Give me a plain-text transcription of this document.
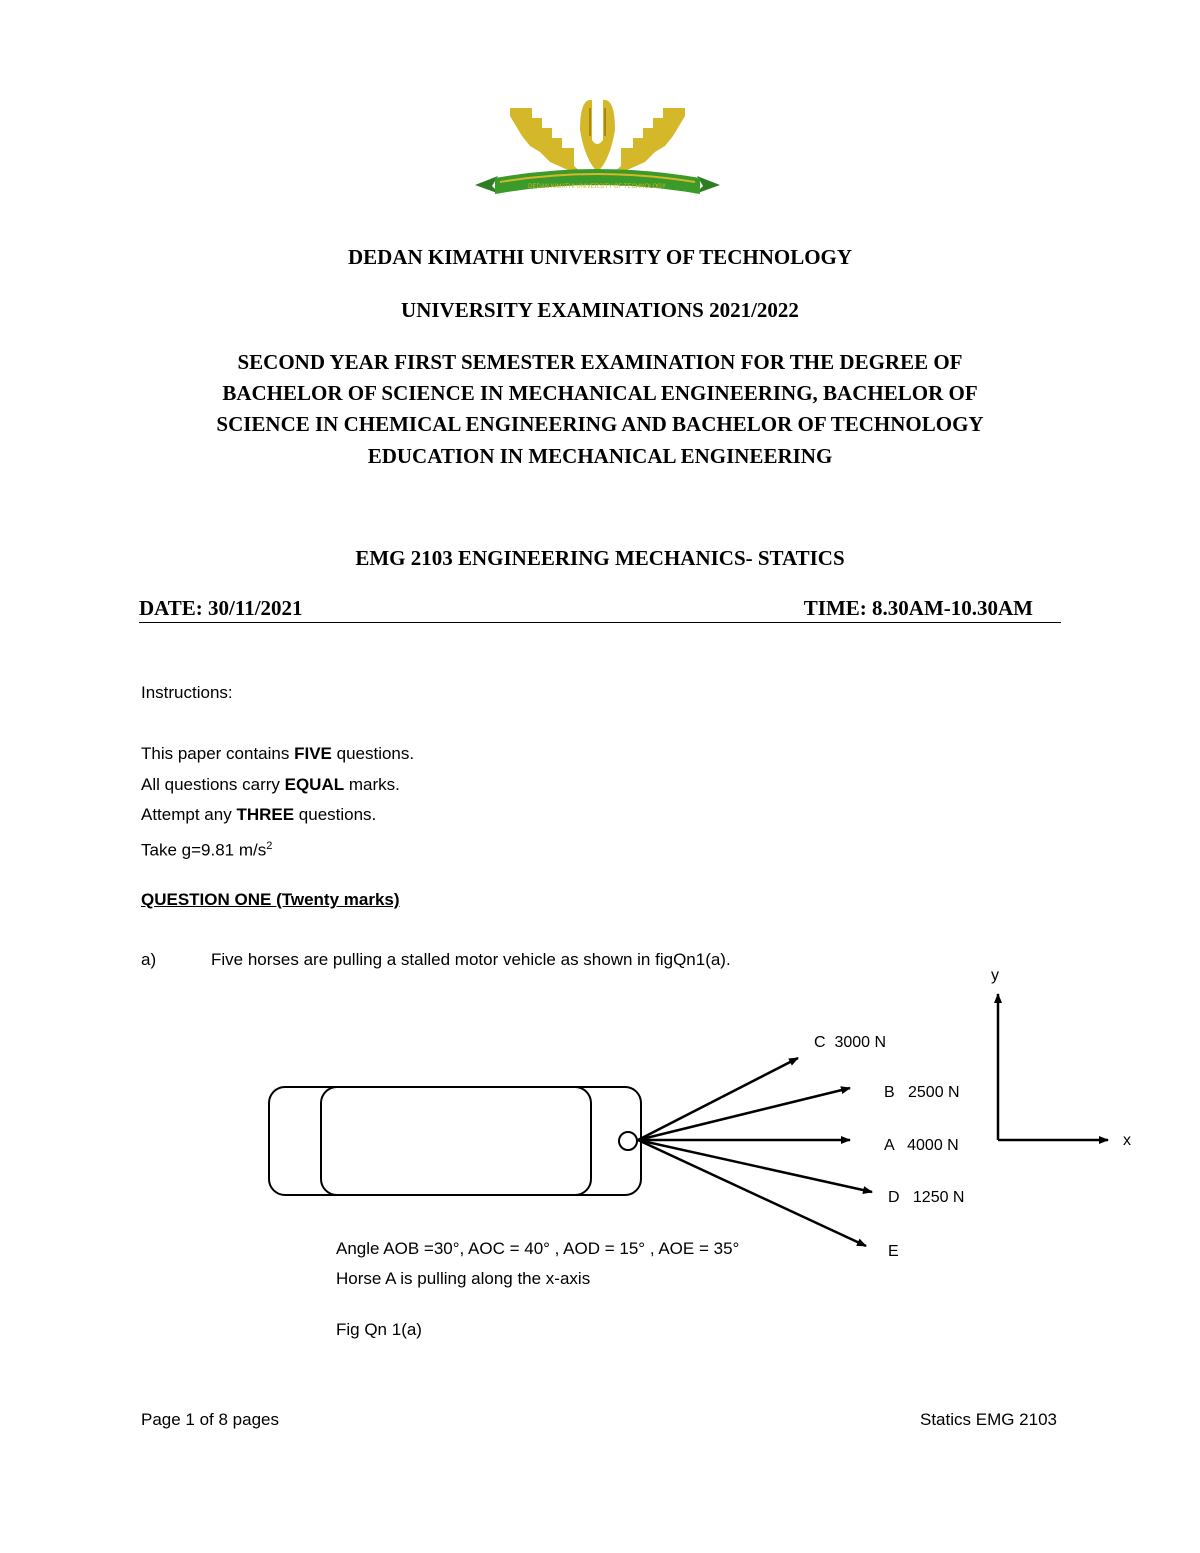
DEDAN KIMATHI UNIVERSITY OF TECHNOLOGY
DEDAN KIMATHI UNIVERSITY OF TECHNOLOGY
UNIVERSITY EXAMINATIONS 2021/2022
SECOND YEAR FIRST SEMESTER EXAMINATION FOR THE DEGREE OF
BACHELOR OF SCIENCE IN MECHANICAL ENGINEERING, BACHELOR OF
SCIENCE IN CHEMICAL ENGINEERING AND BACHELOR OF TECHNOLOGY
EDUCATION IN MECHANICAL ENGINEERING
EMG 2103 ENGINEERING MECHANICS- STATICS
DATE: 30/11/2021	TIME: 8.30AM-10.30AM
Instructions:
This paper contains FIVE questions.
All questions carry EQUAL marks.
Attempt any THREE questions.
Take g=9.81 $m/s^2$
QUESTION ONE (Twenty marks)
a)	Five horses are pulling a stalled motor vehicle as shown in figQn1(a).
C  3000 N
B   2500 N
A   4000 N
D   1250 N
E
y
x
Angle AOB =30°, AOC = 40° , AOD = 15° , AOE = 35°
Horse A is pulling along the x-axis
Fig Qn 1(a)
Page 1 of 8 pages	Statics EMG 2103
